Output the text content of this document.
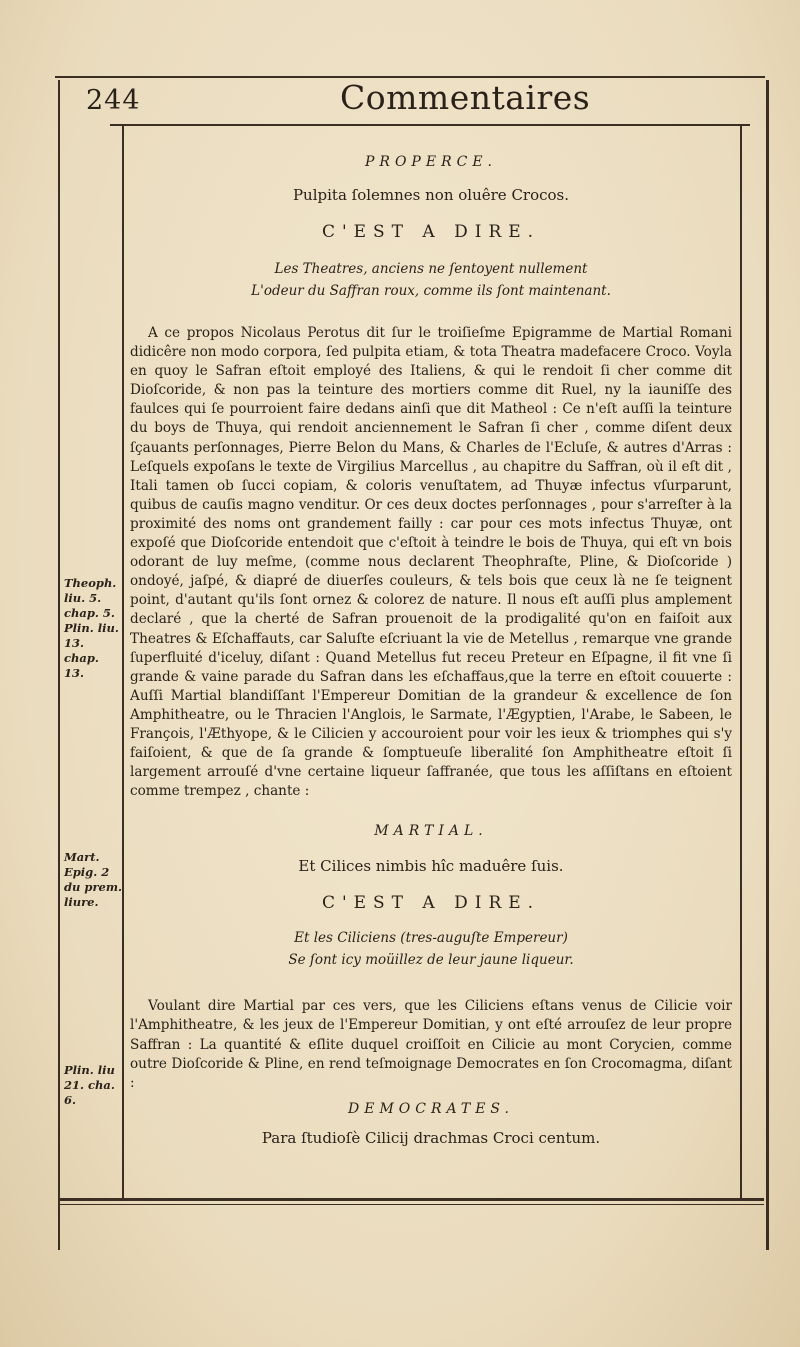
244	Commentaires
Theoph. liu. 5. chap. 5. Plin. liu. 13. chap. 13.
Mart. Epig. 2 du prem. liure.
Plin. liu 21. cha. 6.

PROPERCE.

Pulpita ſolemnes non oluêre Crocos.

C'EST A DIRE.

Les Theatres, anciens ne ſentoyent nullement

L'odeur du Saffran roux, comme ils ſont maintenant.

A ce propos Nicolaus Perotus dit ſur le troiſieſme Epigramme de Martial Romani didicêre non modo corpora, ſed pulpita etiam, & tota Theatra madefacere Croco. Voyla en quoy le Safran eſtoit employé des Italiens, & qui le rendoit ſi cher comme dit Dioſcoride, & non pas la teinture des mortiers comme dit Ruel, ny la iauniſſe des faulces qui ſe pourroient faire dedans ainſi que dit Matheol : Ce n'eſt auſſi la teinture du boys de Thuya, qui rendoit anciennement le Safran ſi cher , comme diſent deux ſçauants perſonnages, Pierre Belon du Mans, & Charles de l'Ecluſe, & autres d'Arras : Leſquels expoſans le texte de Virgilius Marcellus , au chapitre du Saffran, où il eſt dit , Itali tamen ob ſucci copiam, & coloris venuſtatem, ad Thuyæ infectus vſurparunt, quibus de cauſis magno venditur. Or ces deux doctes perſonnages , pour s'arreſter à la proximité des noms ont grandement failly : car pour ces mots infectus Thuyæ, ont expoſé que Dioſcoride entendoit que c'eſtoit à teindre le bois de Thuya, qui eſt vn bois odorant de luy meſme, (comme nous declarent Theophraſte, Pline, & Dioſcoride ) ondoyé, jaſpé, & diapré de diuerſes couleurs, & tels bois que ceux là ne ſe teignent point, d'autant qu'ils ſont ornez & colorez de nature. Il nous eſt auſſi plus amplement declaré , que la cherté de Safran prouenoit de la prodigalité qu'on en faiſoit aux Theatres & Eſchaffauts, car Saluſte eſcriuant la vie de Metellus , remarque vne grande ſuperfluité d'iceluy, diſant : Quand Metellus fut receu Preteur en Eſpagne, il fit vne ſi grande & vaine parade du Safran dans les eſchaffaus,que la terre en eſtoit couuerte : Auſſi Martial blandiſſant l'Empereur Domitian de la grandeur & excellence de ſon Amphitheatre, ou le Thracien l'Anglois, le Sarmate, l'Ægyptien, l'Arabe, le Sabeen, le François, l'Æthyope, & le Cilicien y accouroient pour voir les ieux & triomphes qui s'y faiſoient, & que de ſa grande & ſomptueuſe liberalité ſon Amphitheatre eſtoit ſi largement arrouſé d'vne certaine liqueur ſaffranée, que tous les aſſiſtans en eſtoient comme trempez , chante :

MARTIAL.

Et Cilices nimbis hîc maduêre ſuis.

C'EST A DIRE.

Et les Ciliciens (tres-auguſte Empereur)

Se ſont icy moüillez de leur jaune liqueur.

Voulant dire Martial par ces vers, que les Ciliciens eſtans venus de Cilicie voir l'Amphitheatre, & les jeux de l'Empereur Domitian, y ont eſté arrouſez de leur propre Saffran : La quantité & eſlite duquel croiſſoit en Cilicie au mont Corycien, comme outre Dioſcoride & Pline, en rend teſmoignage Democrates en ſon Crocomagma, diſant :

DEMOCRATES.

Para ſtudioſè Cilicij drachmas Croci centum.
